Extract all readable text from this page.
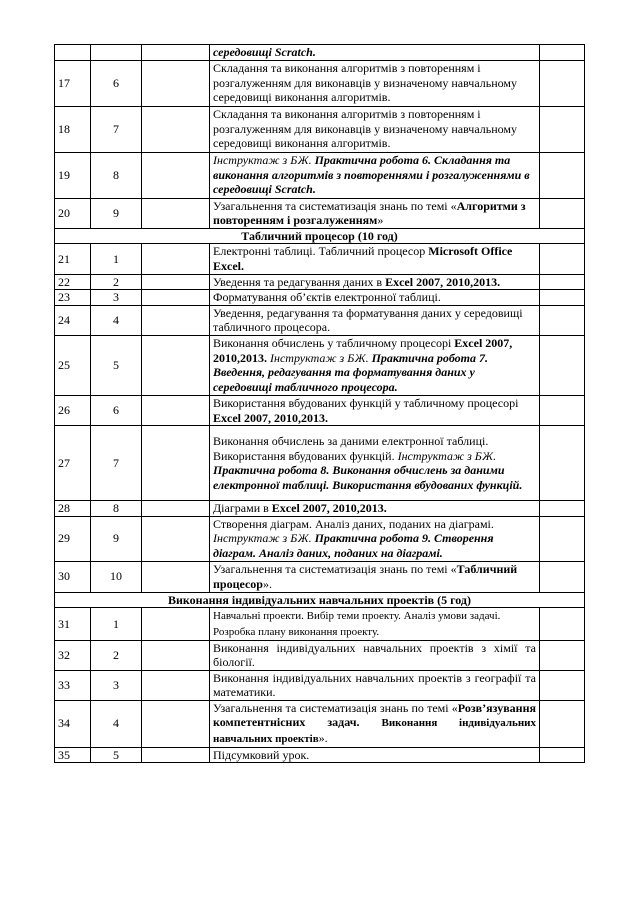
			середовищі Scratch.	
17	6		Складання та виконання алгоритмів з повторенням і розгалуженням для виконавців у визначеному навчальному середовищі виконання алгоритмів.	
18	7		Складання та виконання алгоритмів з повторенням і розгалуженням для виконавців у визначеному навчальному середовищі виконання алгоритмів.	
19	8		Інструктаж з БЖ. Практична робота 6. Складання та виконання алгоритмів з повтореннями і розгалуженнями в середовищі Scratch.	
20	9		Узагальнення та систематизація знань по темі «Алгоритми з повторенням і розгалуженням»	
Табличний процесор (10 год)				
21	1		Електронні таблиці. Табличний процесор Microsoft Office Excel.	
22	2		Уведення та редагування даних в Excel 2007, 2010,2013.	
23	3		Форматування об’єктів електронної таблиці.	
24	4		Уведення, редагування та форматування даних у середовищі табличного процесора.	
25	5		Виконання обчислень у табличному процесорі Excel 2007, 2010,2013. Інструктаж з БЖ. Практична робота 7. Введення, редагування та форматування даних у середовищі табличного процесора.	
26	6		Використання вбудованих функцій у табличному процесорі Excel 2007, 2010,2013.	
27	7		Виконання обчислень за даними електронної таблиці. Використання вбудованих функцій. Інструктаж з БЖ. Практична робота 8. Виконання обчислень за даними електронної таблиці. Використання вбудованих функцій.	
28	8		Діаграми в Excel 2007, 2010,2013.	
29	9		Створення діаграм. Аналіз даних, поданих на діаграмі. Інструктаж з БЖ. Практична робота 9. Створення діаграм. Аналіз даних, поданих на діаграмі.	
30	10		Узагальнення та систематизація знань по темі «Табличний процесор».	
Виконання індивідуальних навчальних проектів (5 год)				
31	1		Навчальні проекти. Вибір теми проекту. Аналіз умови задачі. Розробка плану виконання проекту.	
32	2		Виконання індивідуальних навчальних проектів з хімії та біології.	
33	3		Виконання індивідуальних навчальних проектів з географії та математики.	
34	4		Узагальнення та систематизація знань по темі «Розв’язування компетентнісних задач. Виконання індивідуальних навчальних проектів».	
35	5		Підсумковий урок.	
